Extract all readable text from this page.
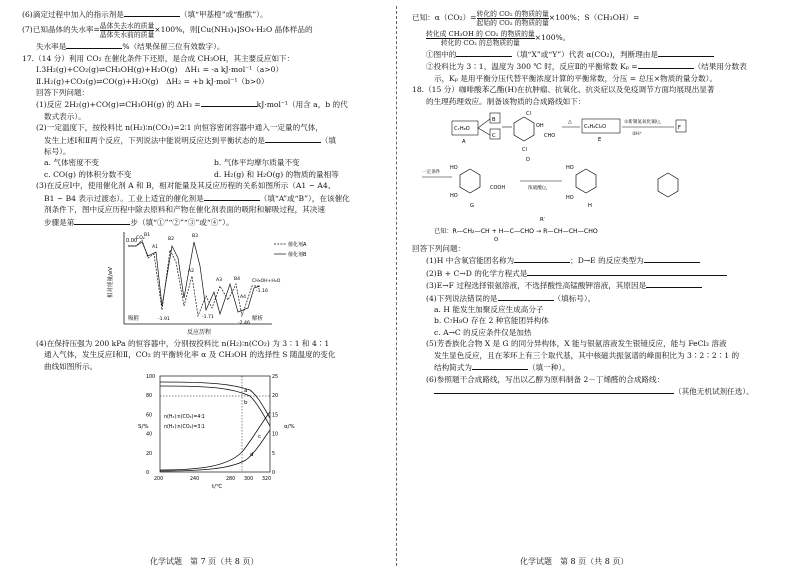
(6)滴定过程中加入的指示剂是	（填“甲基橙”或“酚酞”）。
(7)已知晶体的失水率= $\frac{\text{晶体失去水的质量}}{\text{晶体失水前的质量}} \times 100\%$，则[Cu(NH₃)₄]SO₄·H₂O 晶体样品的
失水率是	%（结果保留三位有效数字）。
17.（14 分）利用 CO₂ 在催化条件下还原，是合成 CH₃OH，其主要反应如下：
Ⅰ.3H₂(g)+CO₂(g)⇌CH₃OH(g)+H₂O(g)　ΔH₁ = -a kJ·mol⁻¹（a>0）
Ⅱ.H₂(g)+CO₂(g)⇌CO(g)+H₂O(g)　ΔH₂ = +b kJ·mol⁻¹（b>0）
回答下列问题：
(1)反应 2H₂(g)+CO(g)⇌CH₃OH(g) 的 ΔH₃ =	kJ·mol⁻¹（用含 a，b 的代
数式表示）。
(2)一定温度下，按投料比 n(H₂)∶n(CO₂)=2∶1 向恒容密闭容器中通入一定量的气体，
发生上述Ⅰ和Ⅱ两个反应，下列说法中能说明反应达到平衡状态的是	（填
标号）。
a. 气体密度不变	b. 气体平均摩尔质量不变
c. CO(g) 的体积分数不变	d. H₂(g) 和 H₂O(g) 的物质的量相等
(3)在反应Ⅰ中，使用催化剂 A 和 B，相对能量及其反应历程的关系如图所示（A1 ~ A4、
B1 ~ B4 表示过渡态）。工业上适宜的催化剂是	（填“A”或“B”），在该催化
剂条件下，图中反应历程中除去原料和产物在催化剂表面的吸附和解吸过程，其决速
步骤是第	步（填“①”“②”“③”或“④”）。
相对能量/eV
反应历程
吸附	解析
0.00
CO₂
B1
A1
B2
B3
A2
A3	B4
A4
-1.91	-1.71
-2.46
CH₃OH+H₂O
-1.16
催化剂A
催化剂B
(4)在保持压强为 200 kPa 的恒容器中，分别按投料比 n(H₂)∶n(CO₂) 为 3∶1 和 4∶1
通入气体，发生反应Ⅰ和Ⅱ，CO₂ 的平衡转化率 α 及 CH₃OH 的选择性 S 随温度的变化
曲线如图所示。
S/%	α/%
100
80
60
40
20
0
25
20
15
10
5
0
200	240	280 300 320
t/℃
a
b
c
d
n(H₂)∶n(CO₂)=4∶1
n(H₂)∶n(CO₂)=3∶1
已知：$\alpha(CO_2)= \frac{\text{转化的 CO₂ 的物质的量}}{\text{起始的 CO₂ 的物质的量}} \times 100\%$；S（CH₃OH）=
$\frac{\text{转化成 CH₃OH 的 CO₂ 的物质的量}}{\text{转化的 CO₂ 的总物质的量}} \times 100\%$。
①图中的	（填“X”或“Y”）代表 α(CO₂)，判断理由是
②投料比为 3∶1、温度为 300 ℃ 时，反应Ⅱ的平衡常数 Kₚ =	（结果用分数表
示，Kₚ 是用平衡分压代替平衡浓度计算的平衡常数，分压 = 总压×物质的量分数）。
18.（15 分）咖啡酸苯乙酯(H)在抗肿瘤、抗氧化、抗炎症以及免疫调节方面均展现出显著
的生理药理效应。制备该物质的合成路线如下：
C₇H₈O
A
B
C
Cl
Cl
OH
CHO
D
△
C₉H₈Cl₂O
E
①新制氢氧化铜/△
②H⁺
F
一定条件
HO
HO
COOH
G
浓硫酸/△
HO
HO
H
已知：R—CH₂—CH + H—C—CHO → R—CH—CH—CHO
R′
O
回答下列问题：
(1)H 中含氧官能团名称为	；D→E 的反应类型为
(2)B + C→D 的化学方程式是
(3)E→F 过程选择银氨溶液，不选择酸性高锰酸钾溶液，其原因是
(4)下列说法错误的是	（填标号）。
a. H 能发生加聚反应生成高分子
b. C₇H₈O 存在 2 种官能团异构体
c. A→C 的反应条件仅是加热
(5)芳香族化合物 X 是 G 的同分异构体，X 能与银氨溶液发生银镜反应，能与 FeCl₃ 溶液
发生显色反应，且在苯环上有三个取代基，其中核磁共振氢谱的峰面积比为 3∶2∶2∶1 的
结构简式为	（填一种）。
(6)参照题干合成路线，写出以乙醇为原料制备 2－丁烯醛的合成路线：
（其他无机试剂任选）。
化学试题　第 7 页（共 8 页）	化学试题　第 8 页（共 8 页）
